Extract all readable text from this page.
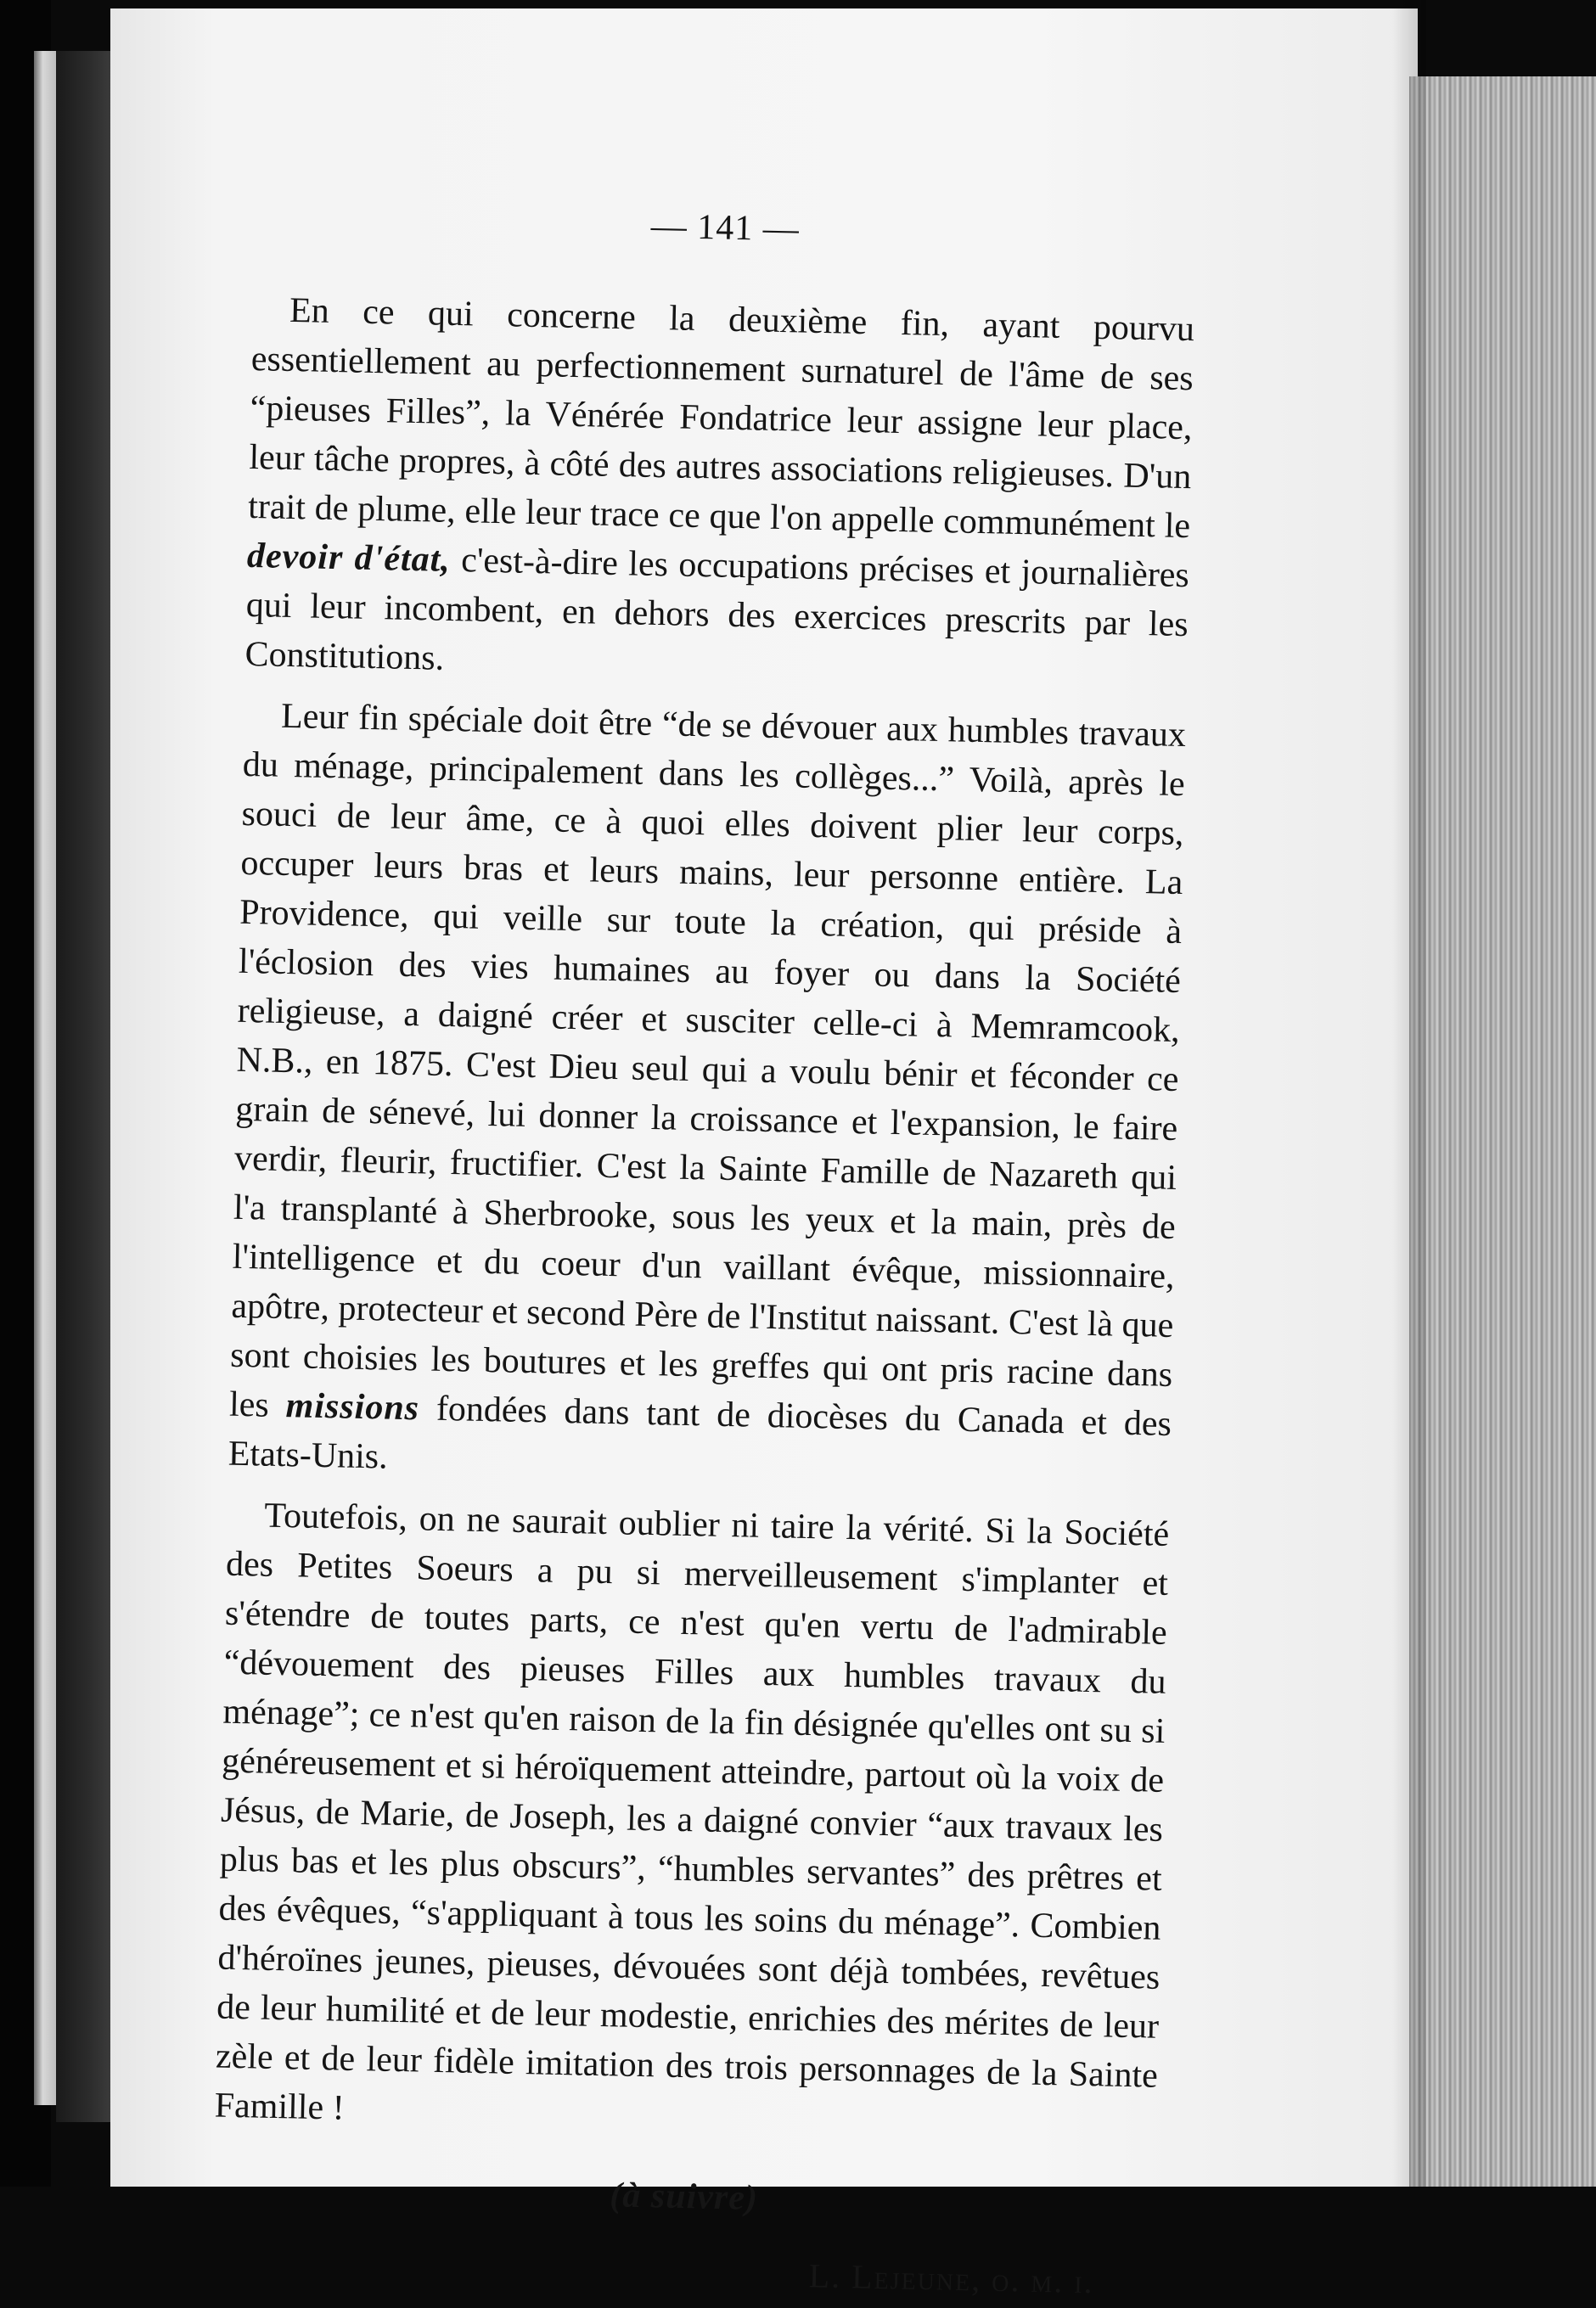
— 141 —

En ce qui concerne la deuxième fin, ayant pourvu essentiellement au perfectionnement surnaturel de l'âme de ses “pieuses Filles”, la Vénérée Fondatrice leur assigne leur place, leur tâche propres, à côté des autres associations religieuses. D'un trait de plume, elle leur trace ce que l'on appelle communément le devoir d'état, c'est-à-dire les occupations précises et journalières qui leur incombent, en dehors des exercices prescrits par les Constitutions.

Leur fin spéciale doit être “de se dévouer aux humbles travaux du ménage, principalement dans les collèges...” Voilà, après le souci de leur âme, ce à quoi elles doivent plier leur corps, occuper leurs bras et leurs mains, leur personne entière. La Providence, qui veille sur toute la création, qui préside à l'éclosion des vies humaines au foyer ou dans la Société religieuse, a daigné créer et susciter celle-ci à Memramcook, N.B., en 1875. C'est Dieu seul qui a voulu bénir et féconder ce grain de sénevé, lui donner la croissance et l'expansion, le faire verdir, fleurir, fructifier. C'est la Sainte Famille de Nazareth qui l'a transplanté à Sherbrooke, sous les yeux et la main, près de l'intelligence et du coeur d'un vaillant évêque, missionnaire, apôtre, protecteur et second Père de l'Institut naissant. C'est là que sont choisies les boutures et les greffes qui ont pris racine dans les missions fondées dans tant de diocèses du Canada et des Etats-Unis.

Toutefois, on ne saurait oublier ni taire la vérité. Si la Société des Petites Soeurs a pu si merveilleusement s'implanter et s'étendre de toutes parts, ce n'est qu'en vertu de l'admirable “dévouement des pieuses Filles aux humbles travaux du ménage”; ce n'est qu'en raison de la fin désignée qu'elles ont su si généreusement et si héroïquement atteindre, partout où la voix de Jésus, de Marie, de Joseph, les a daigné convier “aux travaux les plus bas et les plus obscurs”, “humbles servantes” des prêtres et des évêques, “s'appliquant à tous les soins du ménage”. Combien d'héroïnes jeunes, pieuses, dévouées sont déjà tombées, revêtues de leur humilité et de leur modestie, enrichies des mérites de leur zèle et de leur fidèle imitation des trois personnages de la Sainte Famille !

(à suivre)
L. Lejeune, o. m. i.
